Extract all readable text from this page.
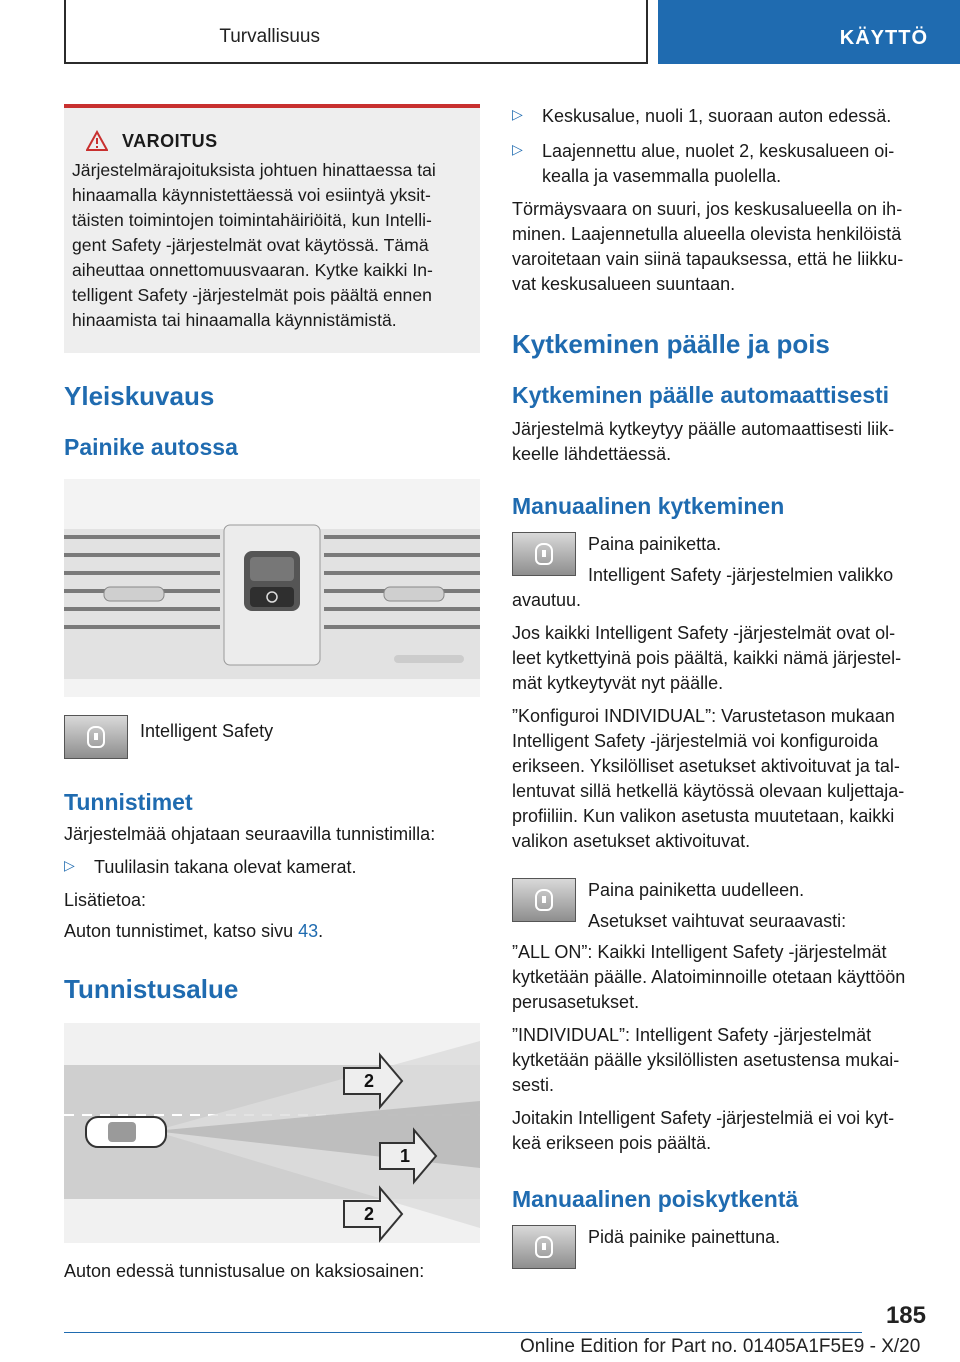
Turvallisuus	KÄYTTÖ
VAROITUS

Järjestelmärajoituksista johtuen hinattaessa tai

hinaamalla käynnistettäessä voi esiintyä yksit-

täisten toimintojen toimintahäiriöitä, kun Intelli-

gent Safety -järjestelmät ovat käytössä. Tämä

aiheuttaa onnettomuusvaaran. Kytke kaikki In-

telligent Safety -järjestelmät pois päältä ennen

hinaamista tai hinaamalla käynnistämistä.

Yleiskuvaus
Painike autossa

Intelligent Safety

Tunnistimet

Järjestelmää ohjataan seuraavilla tunnistimilla:

▷	Tuulilasin takana olevat kamerat.

Lisätietoa:

Auton tunnistimet, katso sivu 43.

Tunnistusalue
2
1
2

Auton edessä tunnistusalue on kaksiosainen:

▷	Keskusalue, nuoli 1, suoraan auton edessä.

▷	Laajennettu alue, nuolet 2, keskusalueen oi-

kealla ja vasemmalla puolella.

Törmäysvaara on suuri, jos keskusalueella on ih-

minen. Laajennetulla alueella olevista henkilöistä

varoitetaan vain siinä tapauksessa, että he liikku-

vat keskusalueen suuntaan.

Kytkeminen päälle ja pois
Kytkeminen päälle automaattisesti

Järjestelmä kytkeytyy päälle automaattisesti liik-

keelle lähdettäessä.

Manuaalinen kytkeminen

Paina painiketta.

Intelligent Safety -järjestelmien valikko

avautuu.

Jos kaikki Intelligent Safety -järjestelmät ovat ol-

leet kytkettyinä pois päältä, kaikki nämä järjestel-

mät kytkeytyvät nyt päälle.

”Konfiguroi INDIVIDUAL”: Varustetason mukaan

Intelligent Safety -järjestelmiä voi konfiguroida

erikseen. Yksilölliset asetukset aktivoituvat ja tal-

lentuvat sillä hetkellä käytössä olevaan kuljettaja-

profiiliin. Kun valikon asetusta muutetaan, kaikki

valikon asetukset aktivoituvat.

Paina painiketta uudelleen.

Asetukset vaihtuvat seuraavasti:

”ALL ON”: Kaikki Intelligent Safety -järjestelmät

kytketään päälle. Alatoiminnoille otetaan käyttöön

perusasetukset.

”INDIVIDUAL”: Intelligent Safety -järjestelmät

kytketään päälle yksilöllisten asetustensa mukai-

sesti.

Joitakin Intelligent Safety -järjestelmiä ei voi kyt-

keä erikseen pois päältä.

Manuaalinen poiskytkentä

Pidä painike painettuna.

185
Online Edition for Part no. 01405A1F5E9 - X/20
